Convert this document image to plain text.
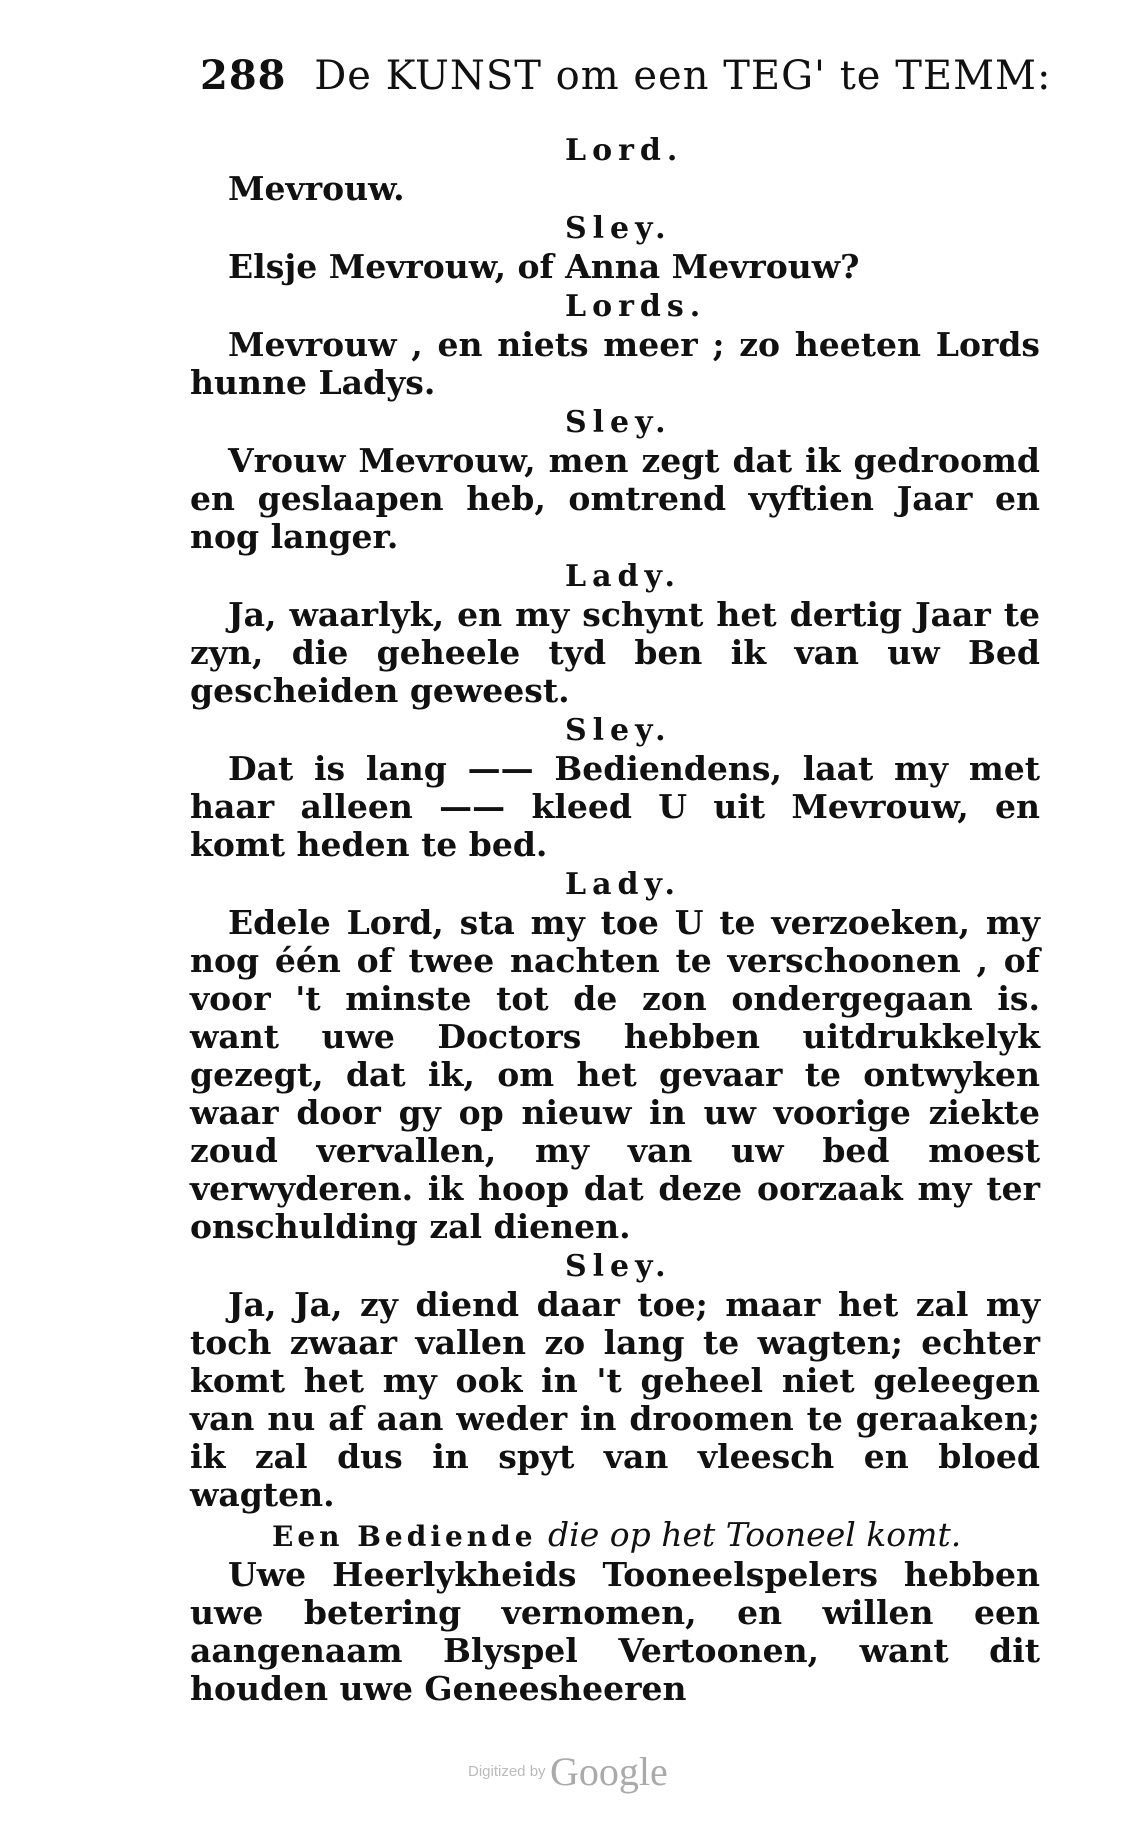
288 De KUNST om een TEG' te TEMM:
Lord.

Mevrouw.

Sley.

Elsje Mevrouw, of Anna Mevrouw?

Lords.

Mevrouw , en niets meer ; zo heeten Lords hunne Ladys.

Sley.

Vrouw Mevrouw, men zegt dat ik gedroomd en geslaapen heb, omtrend vyftien Jaar en nog langer.

Lady.

Ja, waarlyk, en my schynt het dertig Jaar te zyn, die geheele tyd ben ik van uw Bed gescheiden geweest.

Sley.

Dat is lang —— Bediendens, laat my met haar alleen —— kleed U uit Mevrouw, en komt heden te bed.

Lady.

Edele Lord, sta my toe U te verzoeken, my nog één of twee nachten te verschoonen , of voor 't minste tot de zon ondergegaan is. want uwe Doctors hebben uitdrukkelyk gezegt, dat ik, om het gevaar te ontwyken waar door gy op nieuw in uw voorige ziekte zoud vervallen, my van uw bed moest verwyderen. ik hoop dat deze oorzaak my ter onschulding zal dienen.

Sley.

Ja, Ja, zy diend daar toe; maar het zal my toch zwaar vallen zo lang te wagten; echter komt het my ook in 't geheel niet geleegen van nu af aan weder in droomen te geraaken; ik zal dus in spyt van vleesch en bloed wagten.

Een Bediende die op het Tooneel komt.

Uwe Heerlykheids Tooneelspelers hebben uwe betering vernomen, en willen een aangenaam Blyspel Vertoonen, want dit houden uwe Geneesheeren

Digitized by Google
